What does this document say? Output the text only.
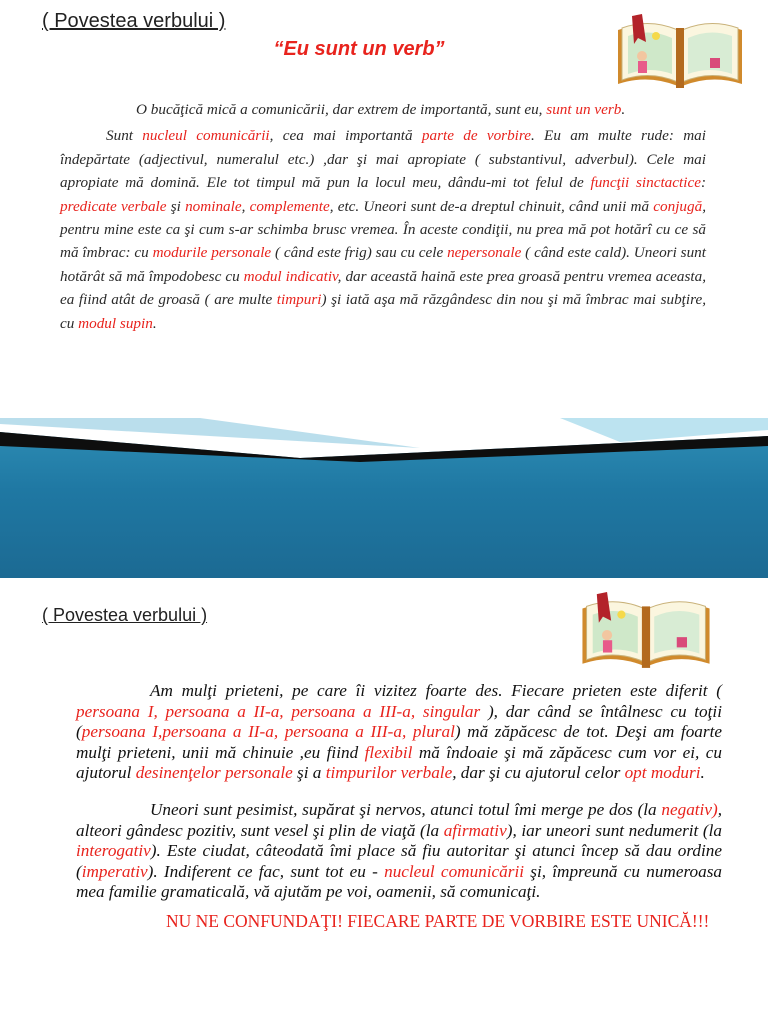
( Povestea verbului )
“Eu sunt un verb”

O bucăţică mică a comunicării, dar extrem de importantă, sunt eu, sunt un verb.

Sunt nucleul comunicării, cea mai importantă parte de vorbire. Eu am multe rude: mai îndepărtate (adjectivul, numeralul etc.) ,dar şi mai apropiate ( substantivul, adverbul). Cele mai apropiate mă domină. Ele tot timpul mă pun la locul meu, dându-mi tot felul de funcţii sinctactice: predicate verbale şi nominale, complemente, etc. Uneori sunt de-a dreptul chinuit, când unii mă conjugă, pentru mine este ca şi cum s-ar schimba brusc vremea. În aceste condiţii, nu prea mă pot hotărî cu ce să mă îmbrac: cu modurile personale ( când este frig) sau cu cele nepersonale ( când este cald). Uneori sunt hotărât să mă împodobesc cu modul indicativ, dar această haină este prea groasă pentru vremea aceasta, ea fiind atât de groasă ( are multe timpuri) şi iată aşa mă răzgândesc din nou şi mă îmbrac mai subţire, cu modul supin.

( Povestea verbului )

Am mulţi prieteni, pe care îi vizitez foarte des. Fiecare prieten este diferit ( persoana I, persoana a II-a, persoana a III-a, singular ), dar când se întâlnesc cu toţii (persoana I,persoana a II-a, persoana a III-a, plural) mă zăpăcesc de tot. Deşi am foarte mulţi prieteni, unii mă chinuie ,eu fiind flexibil mă îndoaie şi mă zăpăcesc cum vor ei, cu ajutorul desinenţelor personale şi a timpurilor verbale, dar şi cu ajutorul celor opt moduri.

Uneori sunt pesimist, supărat şi nervos, atunci totul îmi merge pe dos (la negativ), alteori gândesc pozitiv, sunt vesel şi plin de viaţă (la afirmativ), iar uneori sunt nedumerit (la interogativ). Este ciudat, câteodată îmi place să fiu autoritar şi atunci încep să dau ordine (imperativ). Indiferent ce fac, sunt tot eu - nucleul comunicării şi, împreună cu numeroasa mea familie gramaticală, vă ajutăm pe voi, oamenii, să comunicaţi.

NU NE CONFUNDAŢI! FIECARE PARTE DE VORBIRE ESTE UNICĂ!!!
